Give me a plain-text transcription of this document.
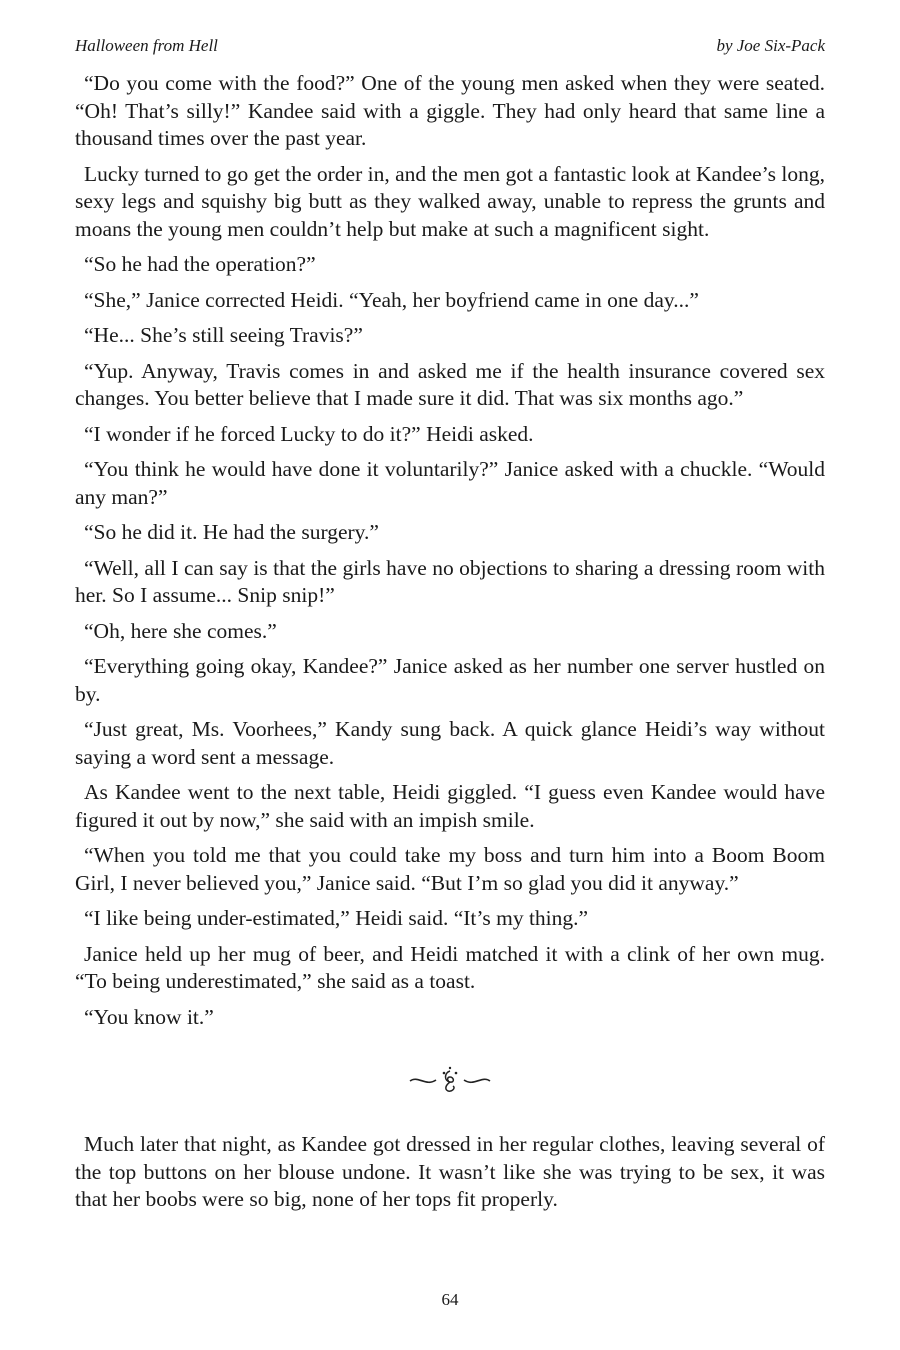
Halloween from Hell	by Joe Six-Pack

“Do you come with the food?” One of the young men asked when they were seated. “Oh! That’s silly!” Kandee said with a giggle. They had only heard that same line a thousand times over the past year.

Lucky turned to go get the order in, and the men got a fantastic look at Kandee’s long, sexy legs and squishy big butt as they walked away, unable to repress the grunts and moans the young men couldn’t help but make at such a magnificent sight.

“So he had the operation?”

“She,” Janice corrected Heidi. “Yeah, her boyfriend came in one day...”

“He... She’s still seeing Travis?”

“Yup. Anyway, Travis comes in and asked me if the health insurance covered sex changes. You better believe that I made sure it did. That was six months ago.”

“I wonder if he forced Lucky to do it?” Heidi asked.

“You think he would have done it voluntarily?” Janice asked with a chuckle. “Would any man?”

“So he did it. He had the surgery.”

“Well, all I can say is that the girls have no objections to sharing a dressing room with her. So I assume... Snip snip!”

“Oh, here she comes.”

“Everything going okay, Kandee?” Janice asked as her number one server hustled on by.

“Just great, Ms. Voorhees,” Kandy sung back. A quick glance Heidi’s way without saying a word sent a message.

As Kandee went to the next table, Heidi giggled. “I guess even Kandee would have figured it out by now,” she said with an impish smile.

“When you told me that you could take my boss and turn him into a Boom Boom Girl, I never believed you,” Janice said. “But I’m so glad you did it anyway.”

“I like being under-estimated,” Heidi said. “It’s my thing.”

Janice held up her mug of beer, and Heidi matched it with a clink of her own mug. “To being underestimated,” she said as a toast.

“You know it.”

Much later that night, as Kandee got dressed in her regular clothes, leaving several of the top buttons on her blouse undone. It wasn’t like she was trying to be sex, it was that her boobs were so big, none of her tops fit properly.

64
